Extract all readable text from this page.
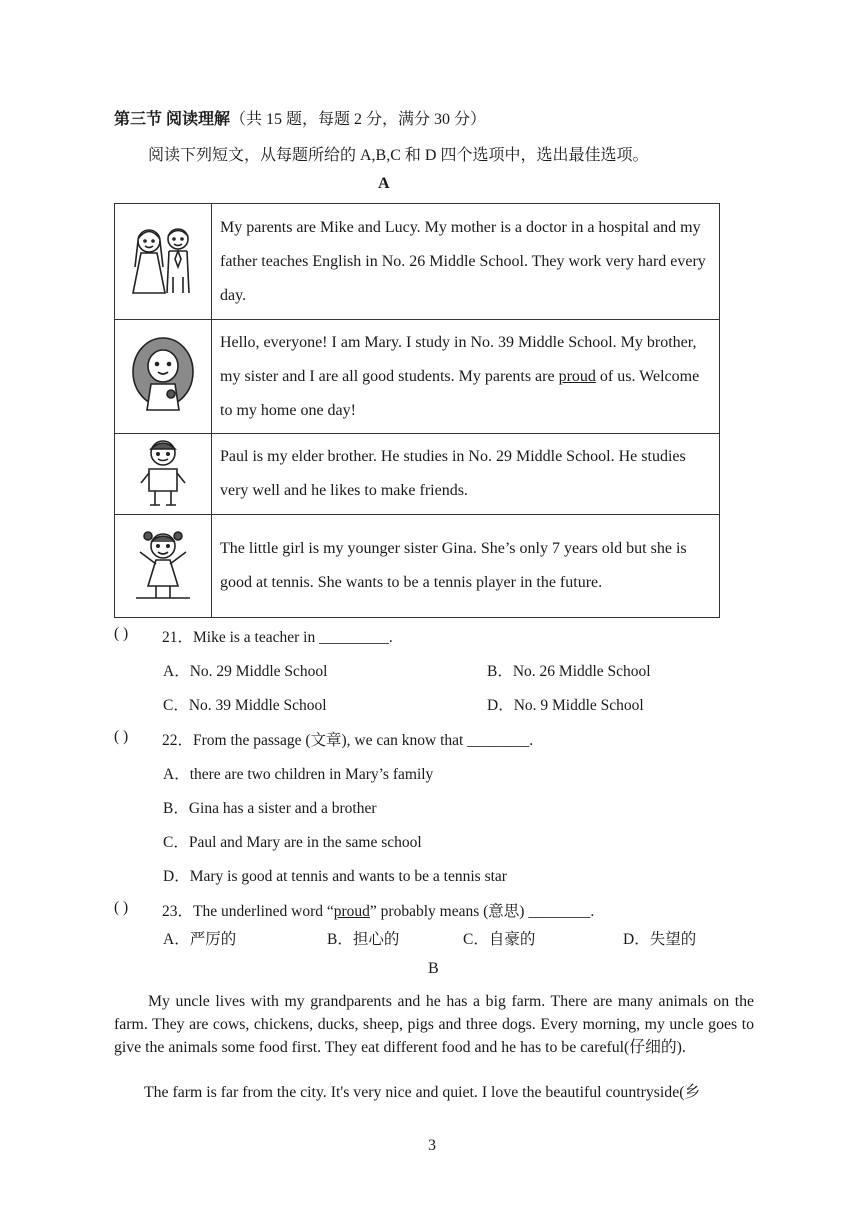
第三节 阅读理解（共 15 题，每题 2 分，满分 30 分）
阅读下列短文，从每题所给的 A,B,C 和 D 四个选项中，选出最佳选项。
A
	My parents are Mike and Lucy. My mother is a doctor in a hospital and my father teaches English in No. 26 Middle School. They work very hard every day.
	Hello, everyone! I am Mary. I study in No. 39 Middle School. My brother, my sister and I are all good students. My parents are proud of us. Welcome to my home one day!
	Paul is my elder brother. He studies in No. 29 Middle School. He studies very well and he likes to make friends.
	The little girl is my younger sister Gina. She’s only 7 years old but she is good at tennis. She wants to be a tennis player in the future.
( ) 21．Mike is a teacher in _________.
A．No. 29 Middle School	B．No. 26 Middle School
C．No. 39 Middle School	D．No. 9 Middle School
( ) 22．From the passage (文章), we can know that ________.
A．there are two children in Mary’s family
B．Gina has a sister and a brother
C．Paul and Mary are in the same school
D．Mary is good at tennis and wants to be a tennis star
( ) 23．The underlined word “proud” probably means (意思) ________.
A．严厉的	B．担心的	C．自豪的	D．失望的
B
My uncle lives with my grandparents and he has a big farm. There are many animals on the farm. They are cows, chickens, ducks, sheep, pigs and three dogs. Every morning, my uncle goes to give the animals some food first. They eat different food and he has to be careful(仔细的).
The farm is far from the city. It's very nice and quiet. I love the beautiful countryside(乡
3
